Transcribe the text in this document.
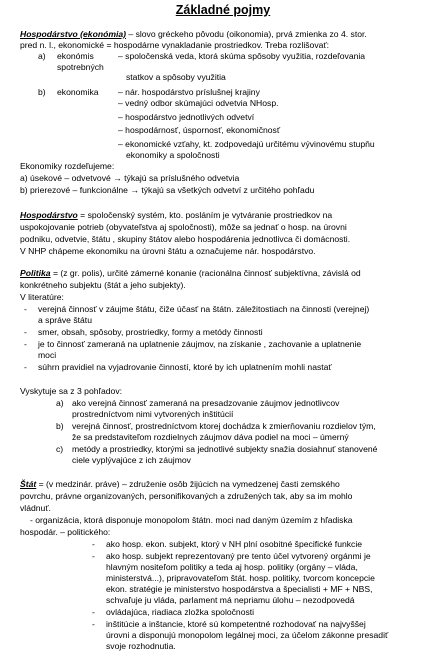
Základné pojmy
Hospodárstvo (ekonómia) – slovo gréckeho pôvodu (oikonomia), prvá zmienka zo 4. stor.
pred n. l., ekonomické = hospodárne vynakladanie prostriedkov. Treba rozlišovať:
a) ekonómis
spotrebných
– spoločenská veda, ktorá skúma spôsoby využitia, rozdeľovania
statkov a spôsoby využitia
b) ekonomika – nár. hospodárstvo príslušnej krajiny
– vedný odbor skúmajúci odvetvia NHosp.
– hospodárstvo jednotlivých odvetví
– hospodárnosť, úspornosť, ekonomičnosť
– ekonomické vzťahy, kt. zodpovedajú určitému vývinovému stupňu
ekonomiky a spoločnosti
Ekonomiky rozdeľujeme:
a) úsekové – odvetvové → týkajú sa príslušného odvetvia
b) prierezové – funkcionálne → týkajú sa všetkých odvetví z určitého pohľadu
Hospodárstvo = spoločenský systém, kto. posláním je vytváranie prostriedkov na
uspokojovanie potrieb (obyvateľstva aj spoločnosti), môže sa jednať o hosp. na úrovni
podniku, odvetvie, štátu , skupiny štátov alebo hospodárenia jednotlivca či domácnosti.
V NHP chápeme ekonomiku na úrovni štátu a označujeme nár. hospodárstvo.
Politika = (z gr. polis), určité zámerné konanie (racionálna činnosť subjektívna, závislá od
konkrétneho subjektu (štát a jeho subjekty).
V literatúre:
- verejná činnosť v záujme štátu, čiže účasť na štátn. záležitostiach na činnosti (verejnej)
a správe štátu
- smer, obsah, spôsoby, prostriedky, formy a metódy činnosti
- je to činnosť zameraná na uplatnenie záujmov, na získanie , zachovanie a uplatnenie
moci
- súhrn pravidiel na vyjadrovanie činností, ktoré by ich uplatnením mohli nastať
Vyskytuje sa z 3 pohľadov:
a) ako verejná činnosť zameraná na presadzovanie záujmov jednotlivcov
prostredníctvom nimi vytvorených inštitúcií
b) verejná činnosť, prostredníctvom ktorej dochádza k zmierňovaniu rozdielov tým,
že sa predstaviteľom rozdielnych záujmov dáva podiel na moci – úmerný
c) metódy a prostriedky, ktorými sa jednotlivé subjekty snažia dosiahnuť stanovené
ciele vyplývajúce z ich záujmov
Štát = (v medzinár. práve) – združenie osôb žijúcich na vymedzenej časti zemského
povrchu, právne organizovaných, personifikovaných a združených tak, aby sa im mohlo
vládnuť.
- organizácia, ktorá disponuje monopolom štátn. moci nad daným územím z hľadiska
hospodár. – politického:
- ako hosp. ekon. subjekt, ktorý v NH plní osobitné špecifické funkcie
- ako hosp. subjekt reprezentovaný pre tento účel vytvorený orgánmi je
hlavným nositeľom politiky a teda aj hosp. politiky (orgány – vláda,
ministerstvá...), pripravovateľom štát. hosp. politiky, tvorcom koncepcie
ekon. stratégie je ministerstvo hospodárstva a špecialisti + MF + NBS,
schvaľuje ju vláda, parlament má nepriamu úlohu – nezodpovedá
- ovládajúca, riadiaca zložka spoločnosti
- inštitúcie a inštancie, ktoré sú kompetentné rozhodovať na najvyššej
úrovni a disponujú monopolom legálnej moci, za účelom zákonne presadiť
svoje rozhodnutia.
